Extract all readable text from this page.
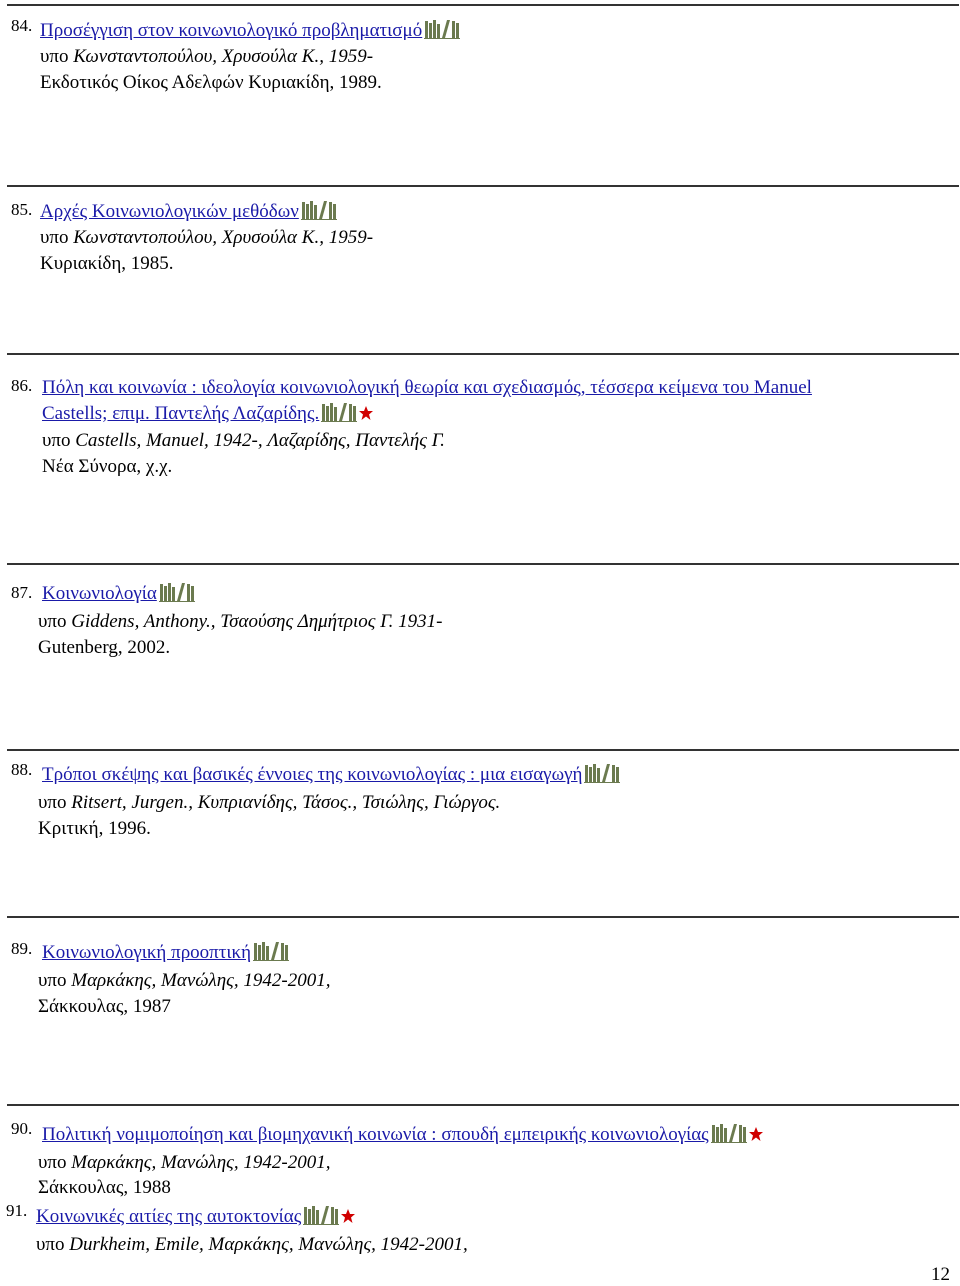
84. Προσέγγιση στον κοινωνιολογικό προβληματισμό
υπο Κωνσταντοπούλου, Χρυσούλα Κ., 1959-
Εκδοτικός Οίκος Αδελφών Κυριακίδη, 1989.
85. Αρχές Κοινωνιολογικών μεθόδων
υπο Κωνσταντοπούλου, Χρυσούλα Κ., 1959-
Κυριακίδη, 1985.
86. Πόλη και κοινωνία : ιδεολογία κοινωνιολογική θεωρία και σχεδιασμός, τέσσερα κείμενα του Manuel
Castells; επιμ. Παντελής Λαζαρίδης.
υπο Castells, Manuel, 1942-, Λαζαρίδης, Παντελής Γ.
Νέα Σύνορα, χ.χ.
87. Κοινωνιολογία
υπο Giddens, Anthony., Τσαούσης Δημήτριος Γ. 1931-
Gutenberg, 2002.
88. Τρόποι σκέψης και βασικές έννοιες της κοινωνιολογίας : μια εισαγωγή
υπο Ritsert, Jurgen., Κυπριανίδης, Τάσος., Τσιώλης, Γιώργος.
Κριτική, 1996.
89. Κοινωνιολογική προοπτική
υπο Μαρκάκης, Μανώλης, 1942-2001,
Σάκκουλας, 1987
90. Πολιτική νομιμοποίηση και βιομηχανική κοινωνία : σπουδή εμπειρικής κοινωνιολογίας
υπο Μαρκάκης, Μανώλης, 1942-2001,
Σάκκουλας, 1988
91. Κοινωνικές αιτίες της αυτοκτονίας
υπο Durkheim, Emile, Μαρκάκης, Μανώλης, 1942-2001,
12
